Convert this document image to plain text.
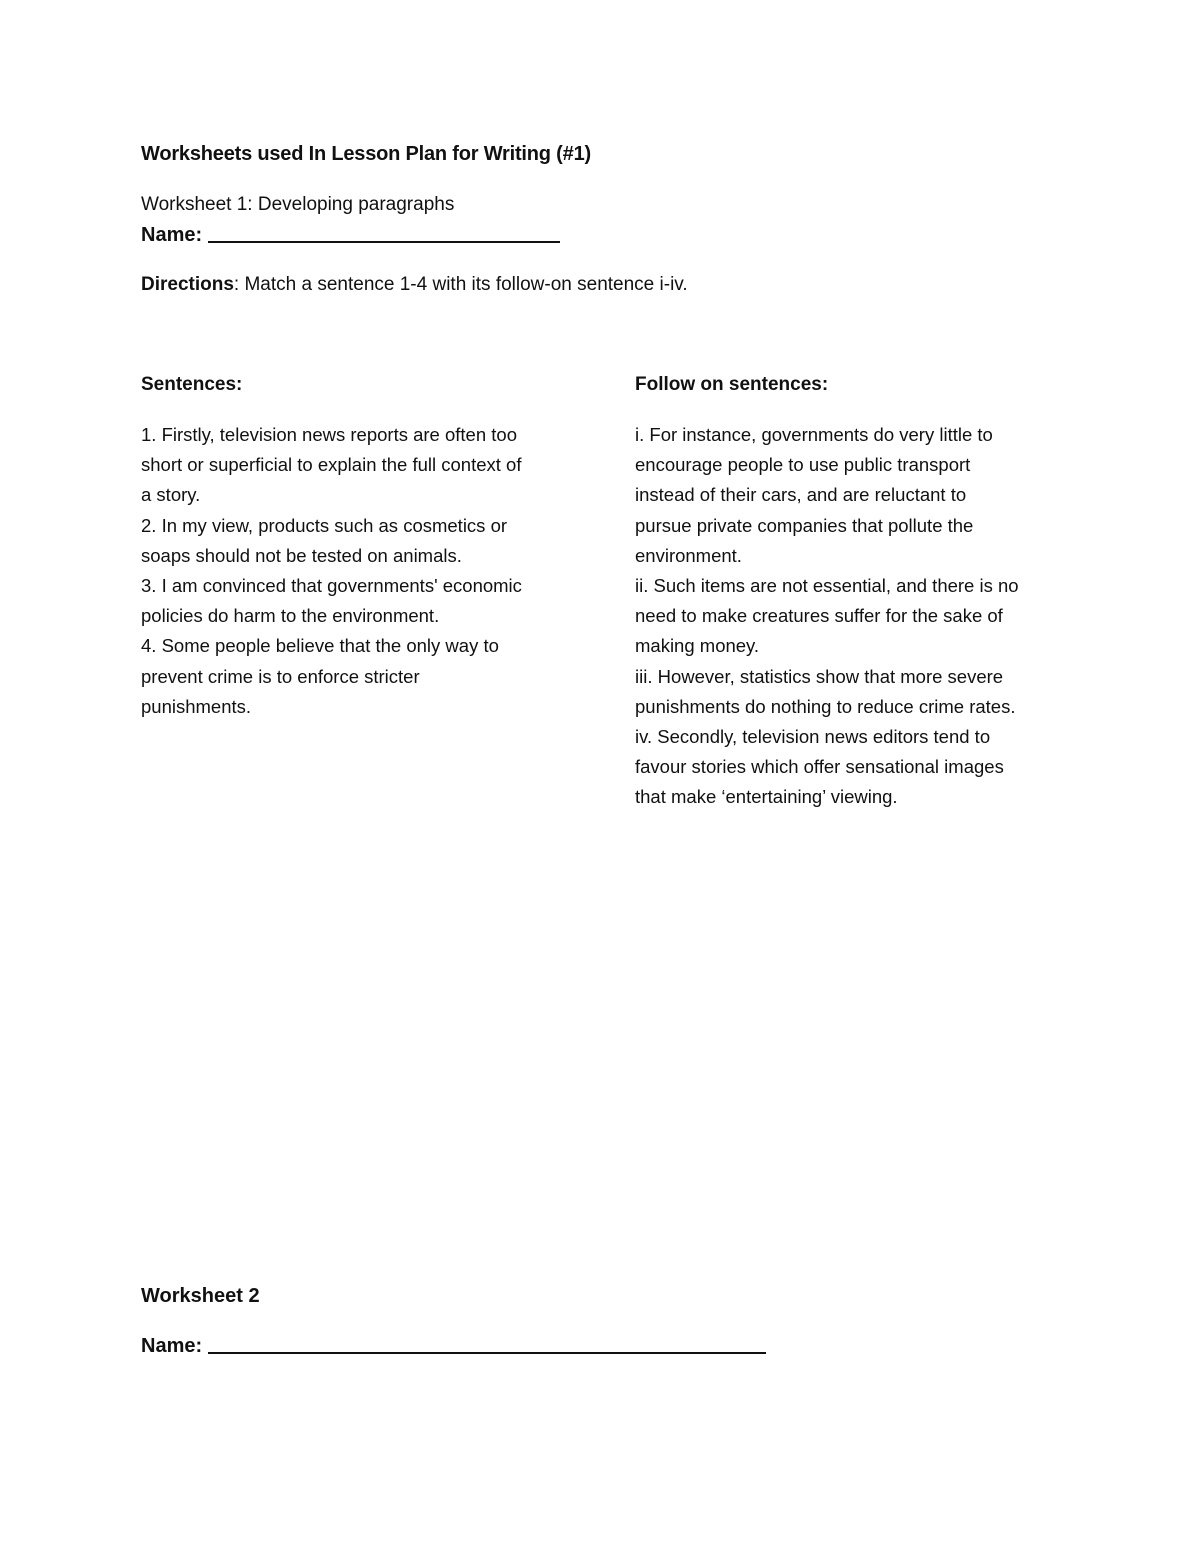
Worksheets used In Lesson Plan for Writing (#1)
Worksheet 1: Developing paragraphs
Name:
Directions: Match a sentence 1-4 with its follow-on sentence i-iv.
Sentences:	Follow on sentences:
1. Firstly, television news reports are often too
short or superficial to explain the full context of
a story.
2. In my view, products such as cosmetics or
soaps should not be tested on animals.
3. I am convinced that governments' economic
policies do harm to the environment.
4. Some people believe that the only way to
prevent crime is to enforce stricter
punishments.
i. For instance, governments do very little to
encourage people to use public transport
instead of their cars, and are reluctant to
pursue private companies that pollute the
environment.
ii. Such items are not essential, and there is no
need to make creatures suffer for the sake of
making money.
iii. However, statistics show that more severe
punishments do nothing to reduce crime rates.
iv. Secondly, television news editors tend to
favour stories which offer sensational images
that make ‘entertaining’ viewing.
Worksheet 2
Name:
